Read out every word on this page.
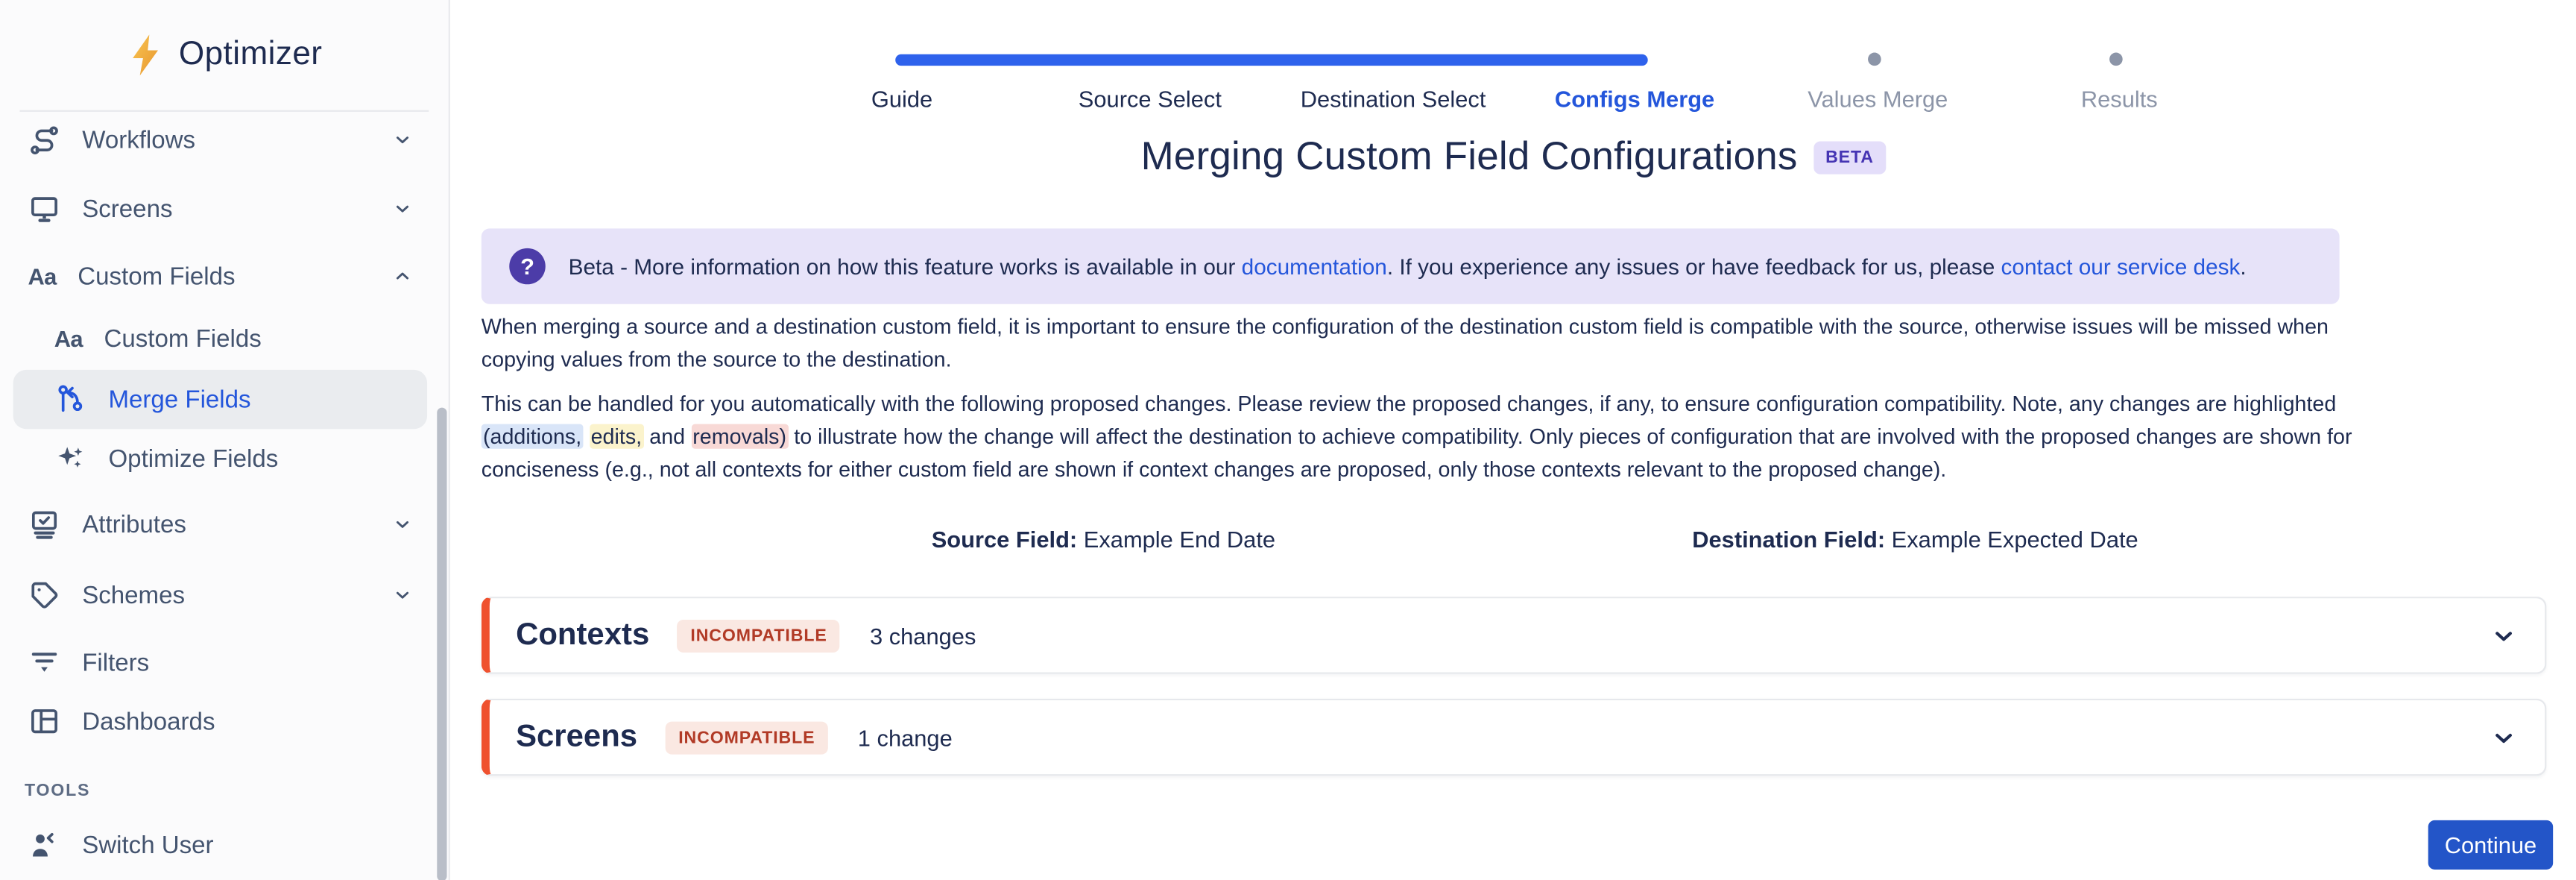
Optimizer
Workflows
Screens
Aa Custom Fields
Aa Custom Fields
Merge Fields
Optimize Fields
Attributes
Schemes
Filters
Dashboards
TOOLS
Switch User
Guide	Source Select	Destination Select	Configs Merge	Values Merge	Results
Merging Custom Field Configurations	BETA
?	Beta - More information on how this feature works is available in our documentation. If you experience any issues or have feedback for us, please contact our service desk.

When merging a source and a destination custom field, it is important to ensure the configuration of the destination custom field is compatible with the source, otherwise issues will be missed when
copying values from the source to the destination.

This can be handled for you automatically with the following proposed changes. Please review the proposed changes, if any, to ensure configuration compatibility. Note, any changes are highlighted
(additions, edits, and removals) to illustrate how the change will affect the destination to achieve compatibility. Only pieces of configuration that are involved with the proposed changes are shown for
conciseness (e.g., not all contexts for either custom field are shown if context changes are proposed, only those contexts relevant to the proposed change).

Source Field: Example End Date	Destination Field: Example Expected Date
Contexts	INCOMPATIBLE	3 changes
Screens	INCOMPATIBLE	1 change
Continue
